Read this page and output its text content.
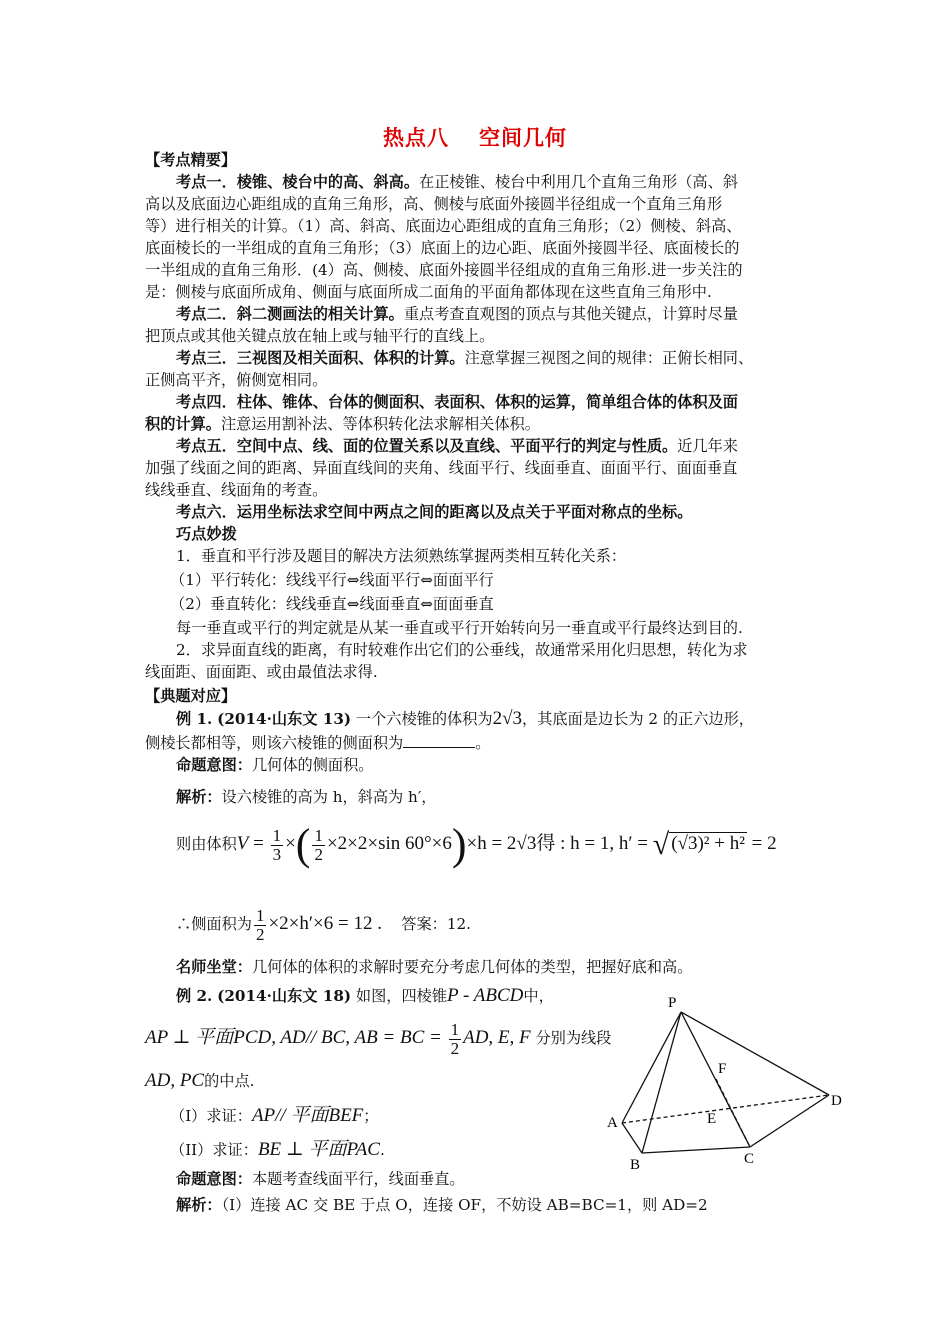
热点八 空间几何
【考点精要】
考点一．棱锥、棱台中的高、斜高。在正棱锥、棱台中利用几个直角三角形（高、斜
高以及底面边心距组成的直角三角形，高、侧棱与底面外接圆半径组成一个直角三角形
等）进行相关的计算。（1）高、斜高、底面边心距组成的直角三角形；（2）侧棱、斜高、
底面棱长的一半组成的直角三角形；（3）底面上的边心距、底面外接圆半径、底面棱长的
一半组成的直角三角形．(4）高、侧棱、底面外接圆半径组成的直角三角形.进一步关注的
是：侧棱与底面所成角、侧面与底面所成二面角的平面角都体现在这些直角三角形中.
考点二．斜二测画法的相关计算。重点考查直观图的顶点与其他关键点，计算时尽量
把顶点或其他关键点放在轴上或与轴平行的直线上。
考点三．三视图及相关面积、体积的计算。注意掌握三视图之间的规律：正俯长相同、
正侧高平齐，俯侧宽相同。
考点四．柱体、锥体、台体的侧面积、表面积、体积的运算，简单组合体的体积及面
积的计算。注意运用割补法、等体积转化法求解相关体积。
考点五．空间中点、线、面的位置关系以及直线、平面平行的判定与性质。近几年来
加强了线面之间的距离、异面直线间的夹角、线面平行、线面垂直、面面平行、面面垂直
线线垂直、线面角的考查。
考点六．运用坐标法求空间中两点之间的距离以及点关于平面对称点的坐标。
巧点妙拨
1．垂直和平行涉及题目的解决方法须熟练掌握两类相互转化关系：
（1）平行转化：线线平行⇔线面平行⇔面面平行
（2）垂直转化：线线垂直⇔线面垂直⇔面面垂直
每一垂直或平行的判定就是从某一垂直或平行开始转向另一垂直或平行最终达到目的.
2．求异面直线的距离，有时较难作出它们的公垂线，故通常采用化归思想，转化为求
线面距、面面距、或由最值法求得.
【典题对应】
例 1. (2014·山东文 13) 一个六棱锥的体积为2√3，其底面是边长为 2 的正六边形，
侧棱长都相等，则该六棱锥的侧面积为	。
命题意图：几何体的侧面积。
解析：设六棱锥的高为 h，斜高为 h′，
则由体积$V = \frac{1}{3}$ ×( $\frac{1}{2} \times 2\times 2\times\sin$ 60°×6)×h = 2√3得 : h = 1, h′ = √ (√3)² + h² = 2
∴侧面积为 $\frac{1}{2} \times 2\times h'\times 6 = 12$ . 答案：12.
名师坐堂：几何体的体积的求解时要充分考虑几何体的类型，把握好底和高。
例 2. (2014·山东文 18) 如图，四棱锥P - ABCD中，
AP ⊥ 平面PCD, AD// BC, AB = BC = $\frac{1}{2}$ AD, E, F 分别为线段
AD, PC的中点.
（Ⅰ）求证：AP// 平面BEF；
（II）求证：BE ⊥ 平面PAC.
命题意图：本题考查线面平行，线面垂直。
解析：（Ⅰ）连接 AC 交 BE 于点 O，连接 OF，不妨设 AB=BC=1，则 AD=2
P
A
B	C
D
E
F
